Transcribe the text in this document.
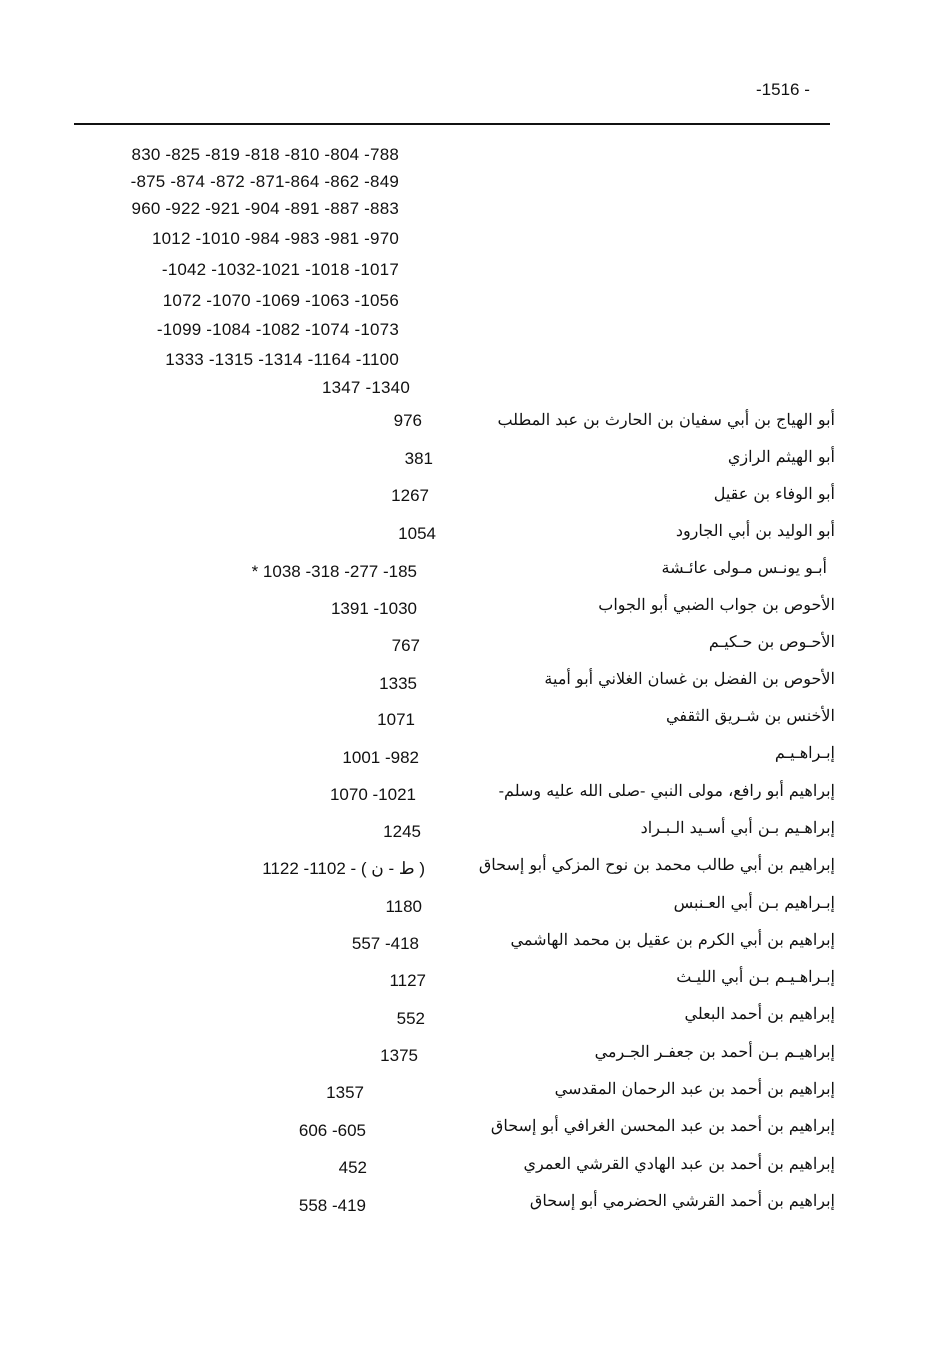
-1516 -
830 -825 -819 -818 -810 -804 -788
-875 -874 -872 -871-864 -862 -849
960 -922 -921 -904 -891 -887 -883
1012 -1010 -984 -983 -981 -970
-1042 -1032-1021 -1018 -1017
1072 -1070 -1069 -1063 -1056
-1099 -1084 -1082 -1074 -1073
1333 -1315 -1314 -1164 -1100
1347 -1340
أبو الهياج بن أبي سفيان بن الحارث بن عبد المطلب
976
أبو الهيثم الرازي
381
أبو الوفاء بن عقيل
1267
أبو الوليد بن أبي الجارود
1054
أبـو يونـس مـولى عائـشة
* 1038 -318 -277 -185
الأحوص بن جواب الضبي أبو الجواب
1391 -1030
الأحـوص بن حـكيـم
767
الأحوص بن الفضل بن غسان الغلاني أبو أمية
1335
الأخنس بن شـريق الثقفي
1071
إبـراهـيـم
1001 -982
إبراهيم أبو رافع، مولى النبي -صلى الله عليه وسلم-
1070 -1021
إبراهـيم بـن أبي أسـيد الـبـراد
1245
إبراهيم بن أبي طالب محمد بن نوح المزكي أبو إسحاق
1122 -1102 - ( ط - ن )
إبـراهيم بـن أبي العـنبس
1180
إبراهيم بن أبي الكرم بن عقيل بن محمد الهاشمي
557 -418
إبـراهـيـم بـن أبي الليـث
1127
إبراهيم بن أحمد البعلي
552
إبراهيـم بـن أحمد بن جعفـر الجـرمي
1375
إبراهيم بن أحمد بن عبد الرحمان المقدسي
1357
إبراهيم بن أحمد بن عبد المحسن الغرافي أبو إسحاق
606 -605
إبراهيم بن أحمد بن عبد الهادي القرشي العمري
452
إبراهيم بن أحمد القرشي الحضرمي أبو إسحاق
558 -419
